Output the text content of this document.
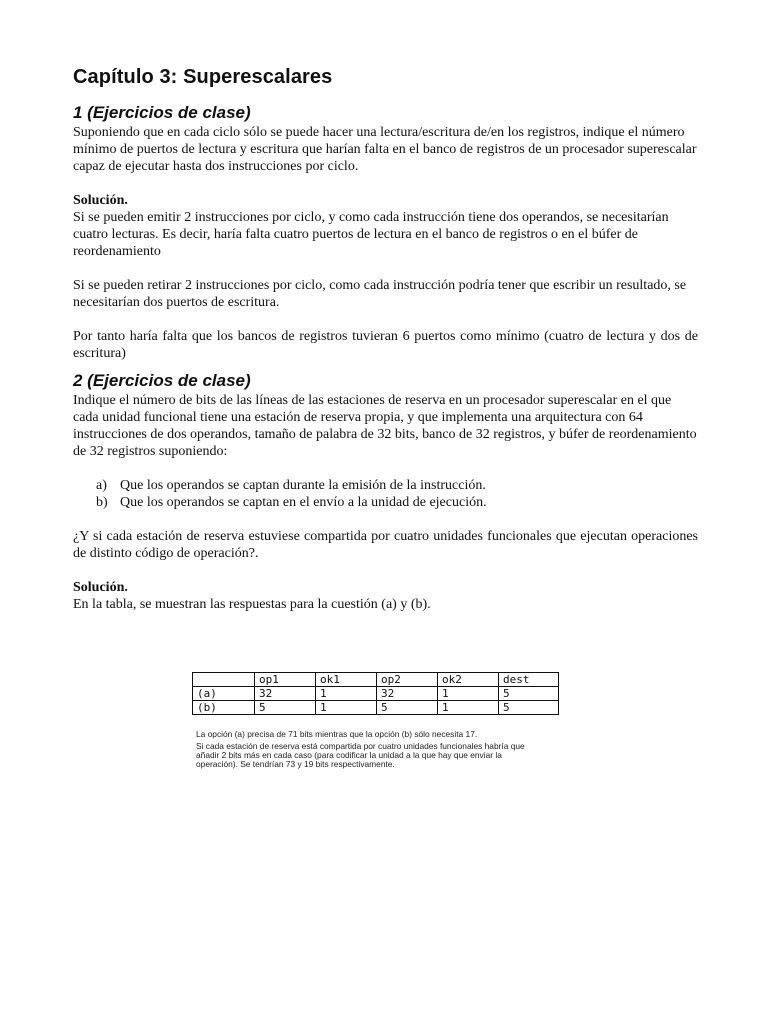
Capítulo 3: Superescalares
1 (Ejercicios de clase)

Suponiendo que en cada ciclo sólo se puede hacer una lectura/escritura de/en los registros, indique el número mínimo de puertos de lectura y escritura que harían falta en el banco de registros de un procesador superescalar capaz de ejecutar hasta dos instrucciones por ciclo.

Solución.

Si se pueden emitir 2 instrucciones por ciclo, y como cada instrucción tiene dos operandos, se necesitarían cuatro lecturas. Es decir, haría falta cuatro puertos de lectura en el banco de registros o en el búfer de reordenamiento

Si se pueden retirar 2 instrucciones por ciclo, como cada instrucción podría tener que escribir un resultado, se necesitarían dos puertos de escritura.

Por tanto haría falta que los bancos de registros tuvieran 6 puertos como mínimo (cuatro de lectura y dos de escritura)

2 (Ejercicios de clase)

Indique el número de bits de las líneas de las estaciones de reserva en un procesador superescalar en el que cada unidad funcional tiene una estación de reserva propia, y que implementa una arquitectura con 64 instrucciones de dos operandos, tamaño de palabra de 32 bits, banco de 32 registros, y búfer de reordenamiento de 32 registros suponiendo:

a) Que los operandos se captan durante la emisión de la instrucción.
b) Que los operandos se captan en el envío a la unidad de ejecución.

¿Y si cada estación de reserva estuviese compartida por cuatro unidades funcionales que ejecutan operaciones de distinto código de operación?.

Solución.

En la tabla, se muestran las respuestas para la cuestión (a) y (b).

	op1	ok1	op2	ok2	dest
(a)	32	1	32	1	5
(b)	5	1	5	1	5

La opción (a) precisa de 71 bits mientras que la opción (b) sólo necesita 17.

Si cada estación de reserva está compartida por cuatro unidades funcionales habría que añadir 2 bits más en cada caso (para codificar la unidad a la que hay que enviar la operación). Se tendrían 73 y 19 bits respectivamente.
